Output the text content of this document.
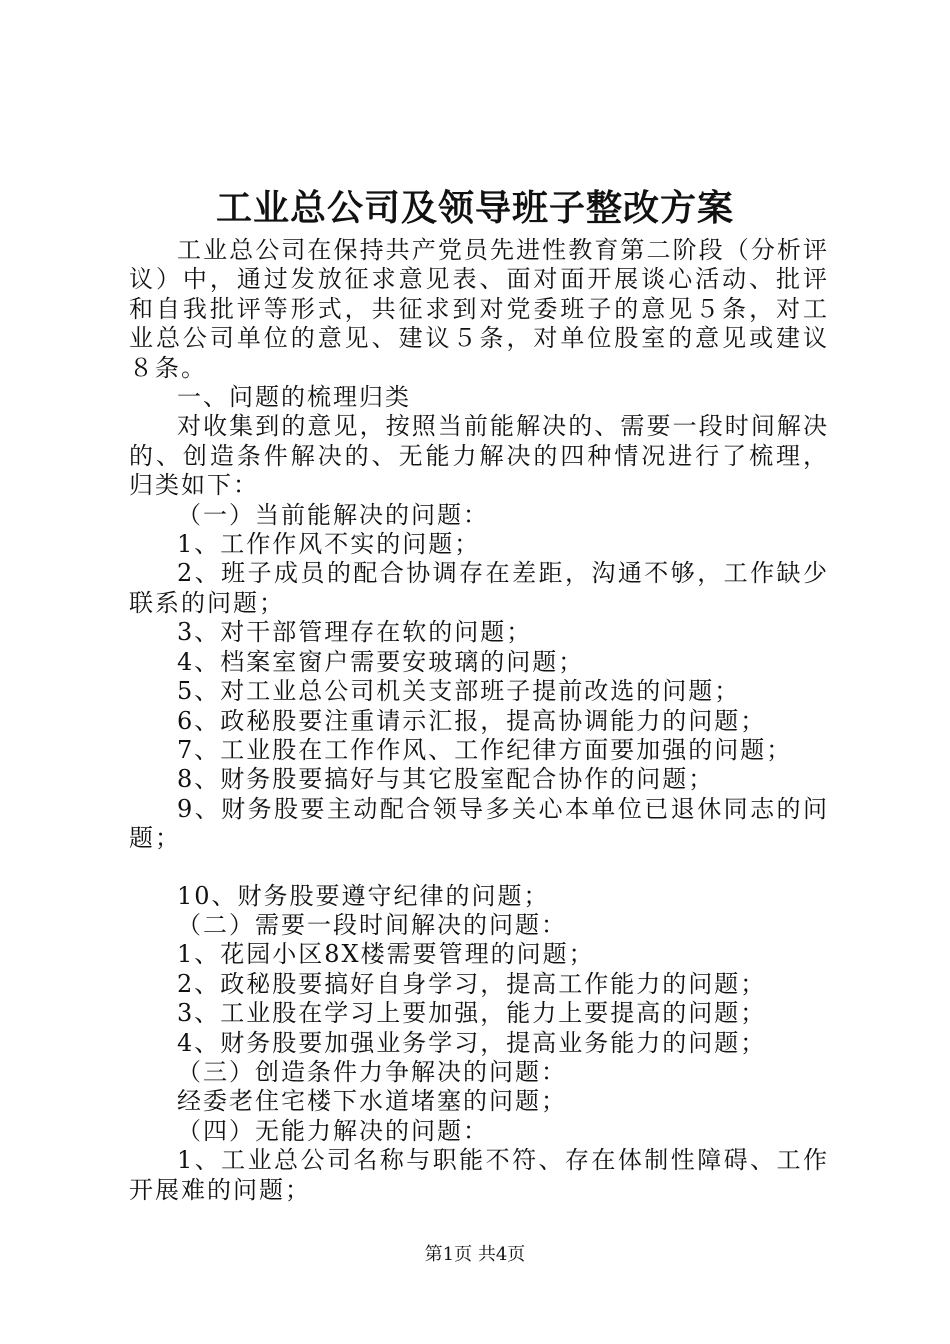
工业总公司及领导班子整改方案

工业总公司在保持共产党员先进性教育第二阶段（分析评议）中，通过发放征求意见表、面对面开展谈心活动、批评和自我批评等形式，共征求到对党委班子的意见５条，对工业总公司单位的意见、建议５条，对单位股室的意见或建议８条。

一、问题的梳理归类

对收集到的意见，按照当前能解决的、需要一段时间解决的、创造条件解决的、无能力解决的四种情况进行了梳理，归类如下：

（一）当前能解决的问题：

1、工作作风不实的问题；

2、班子成员的配合协调存在差距，沟通不够，工作缺少联系的问题；

3、对干部管理存在软的问题；

4、档案室窗户需要安玻璃的问题；

5、对工业总公司机关支部班子提前改选的问题；

6、政秘股要注重请示汇报，提高协调能力的问题；

7、工业股在工作作风、工作纪律方面要加强的问题；

8、财务股要搞好与其它股室配合协作的问题；

9、财务股要主动配合领导多关心本单位已退休同志的问题；

10、财务股要遵守纪律的问题；

（二）需要一段时间解决的问题：

1、花园小区8X楼需要管理的问题；

2、政秘股要搞好自身学习，提高工作能力的问题；

3、工业股在学习上要加强，能力上要提高的问题；

4、财务股要加强业务学习，提高业务能力的问题；

（三）创造条件力争解决的问题：

经委老住宅楼下水道堵塞的问题；

（四）无能力解决的问题：

1、工业总公司名称与职能不符、存在体制性障碍、工作开展难的问题；

第1页 共4页
